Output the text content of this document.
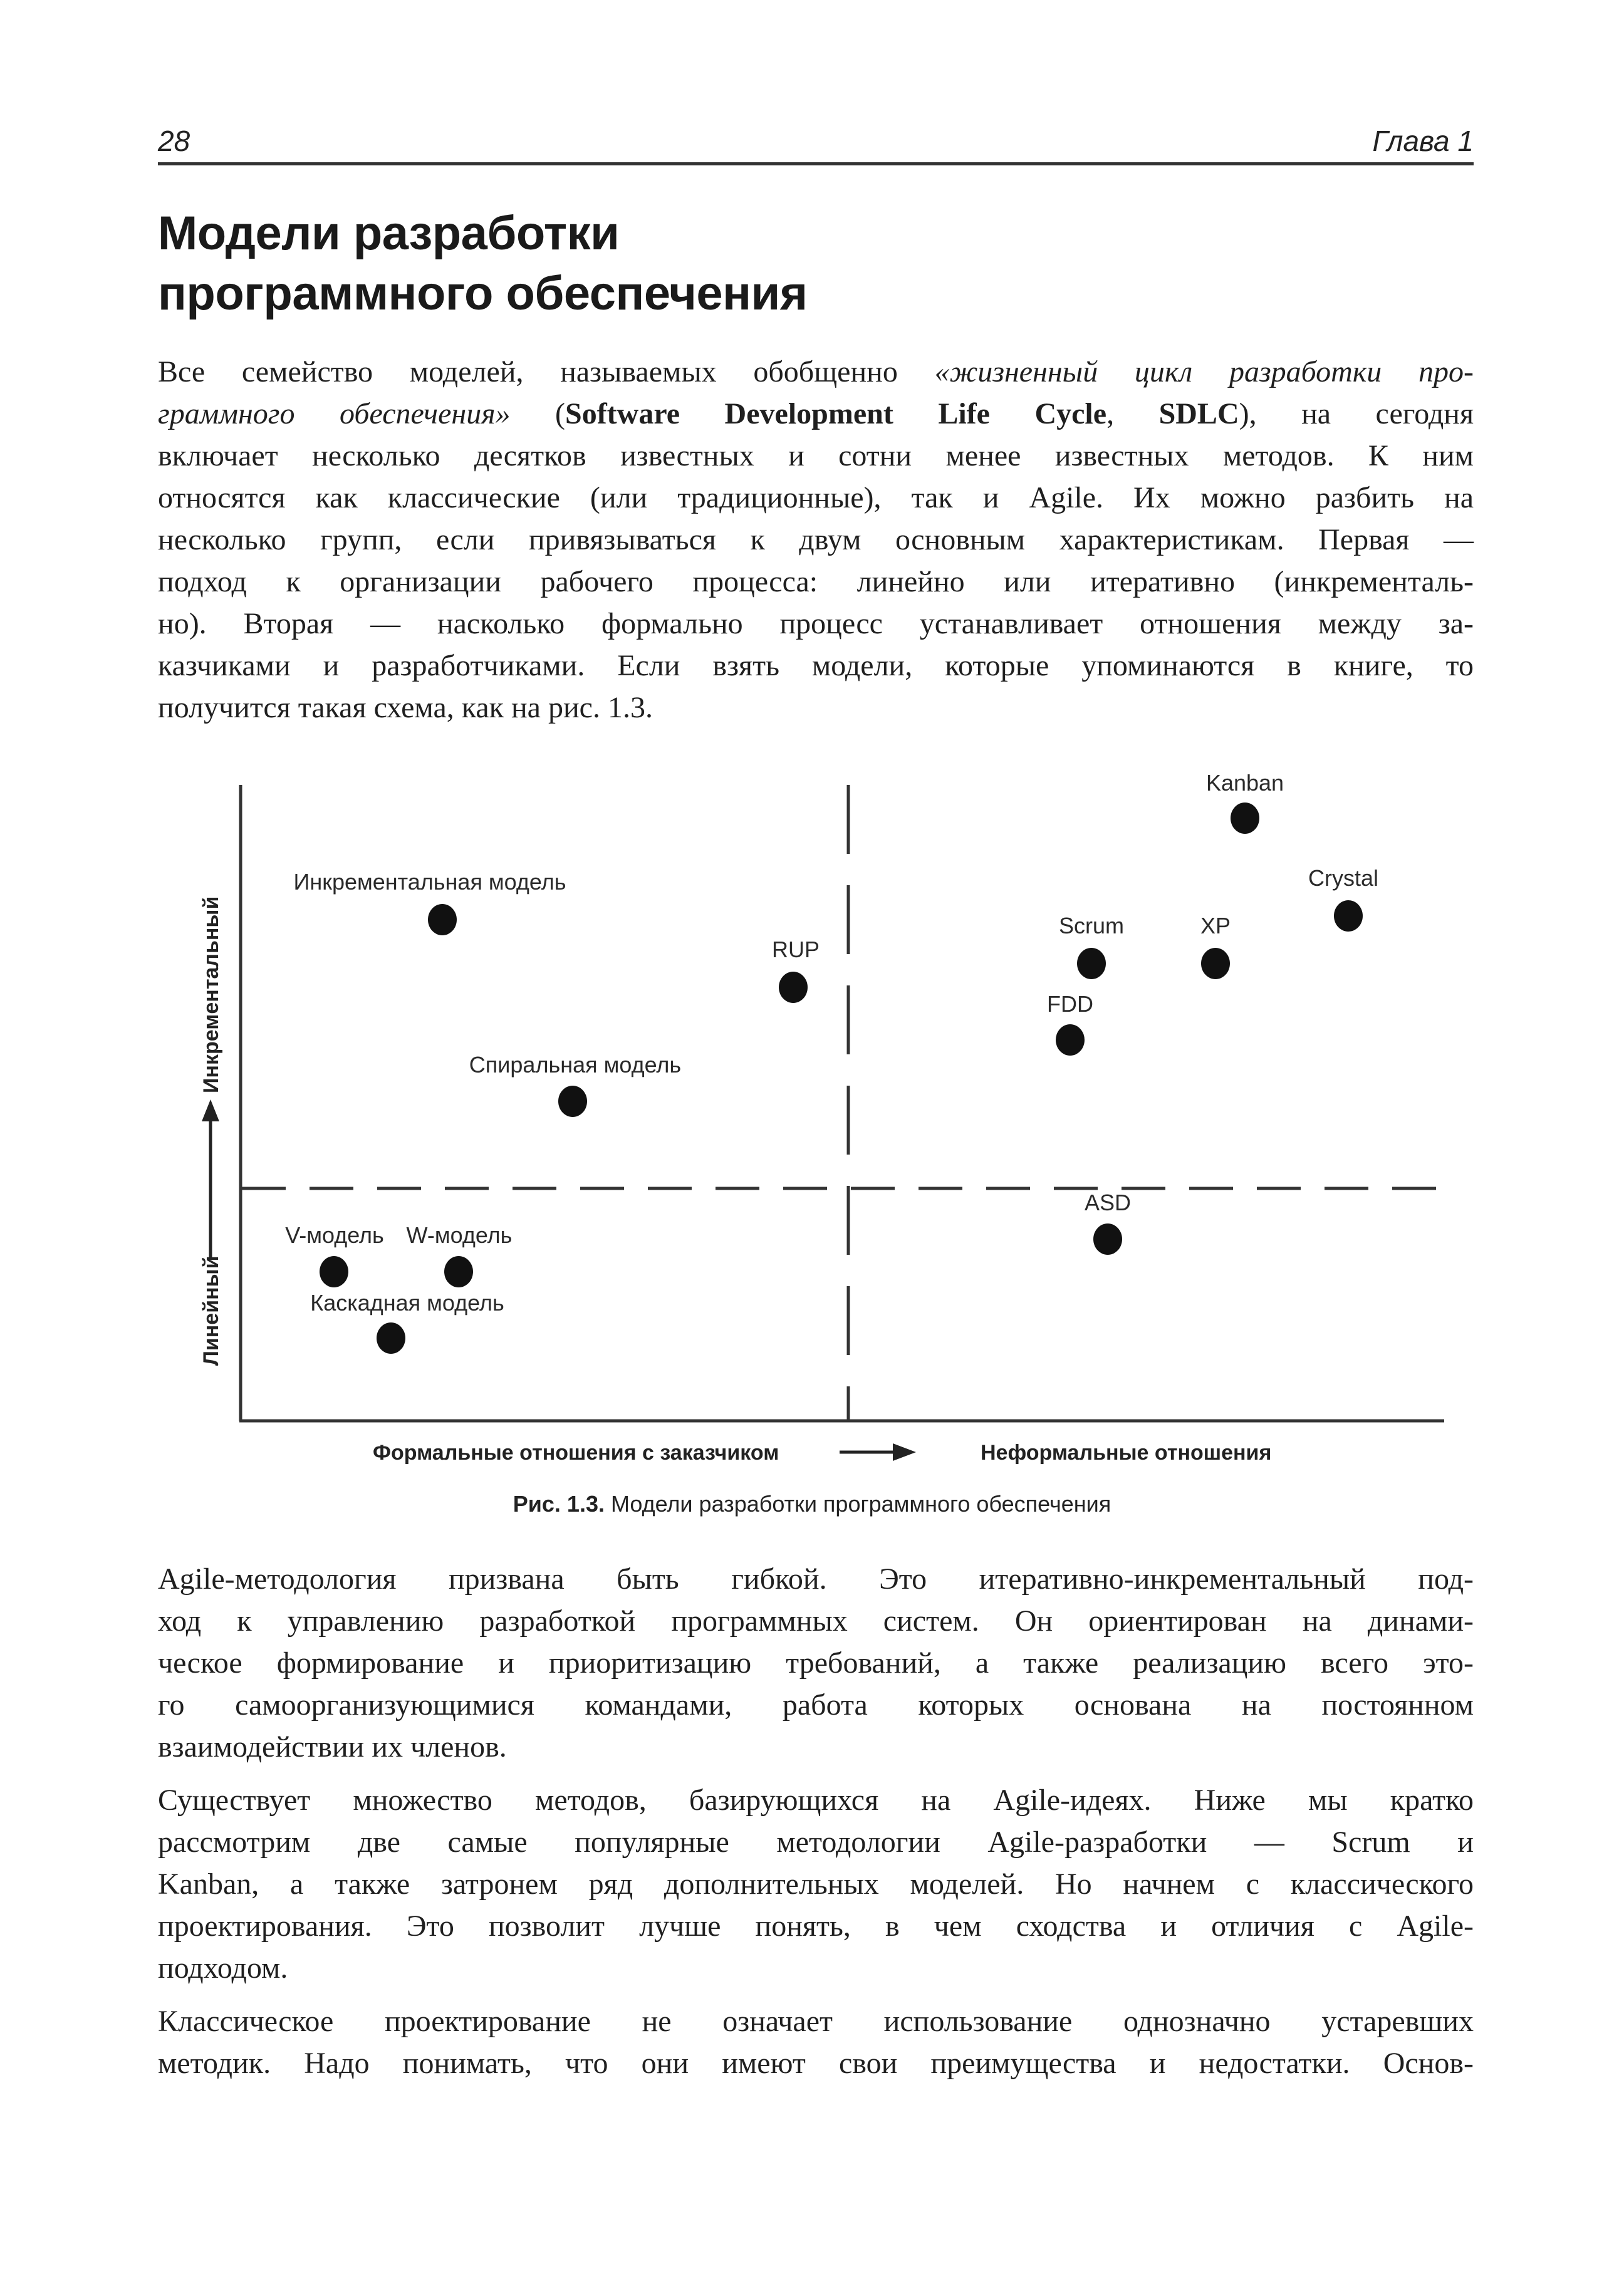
28	Глава 1
Модели разработки
программного обеспечения
Все семейство моделей, называемых обобщенно «жизненный цикл разработки про-
граммного обеспечения» (Software Development Life Cycle, SDLC), на сегодня
включает несколько десятков известных и сотни менее известных методов. К ним
относятся как классические (или традиционные), так и Agile. Их можно разбить на
несколько групп, если привязываться к двум основным характеристикам. Первая —
подход к организации рабочего процесса: линейно или итеративно (инкременталь-
но). Вторая — насколько формально процесс устанавливает отношения между за-
казчиками и разработчиками. Если взять модели, которые упоминаются в книге, то
получится такая схема, как на рис. 1.3.
Agile-методология призвана быть гибкой. Это итеративно-инкрементальный под-
ход к управлению разработкой программных систем. Он ориентирован на динами-
ческое формирование и приоритизацию требований, а также реализацию всего это-
го самоорганизующимися командами, работа которых основана на постоянном
взаимодействии их членов.
Существует множество методов, базирующихся на Agile-идеях. Ниже мы кратко
рассмотрим две самые популярные методологии Agile-разработки — Scrum и
Kanban, а также затронем ряд дополнительных моделей. Но начнем с классического
проектирования. Это позволит лучше понять, в чем сходства и отличия с Agile-
подходом.
Классическое проектирование не означает использование однозначно устаревших
методик. Надо понимать, что они имеют свои преимущества и недостатки. Основ-
Линейный
Инкрементальный
Формальные отношения с заказчиком	Неформальные отношения
Kanban
Crystal
Scrum	XP
FDD
RUP
Инкрементальная модель
Спиральная модель
ASD
V-модель W-модель
Каскадная модель
Рис. 1.3. Модели разработки программного обеспечения
